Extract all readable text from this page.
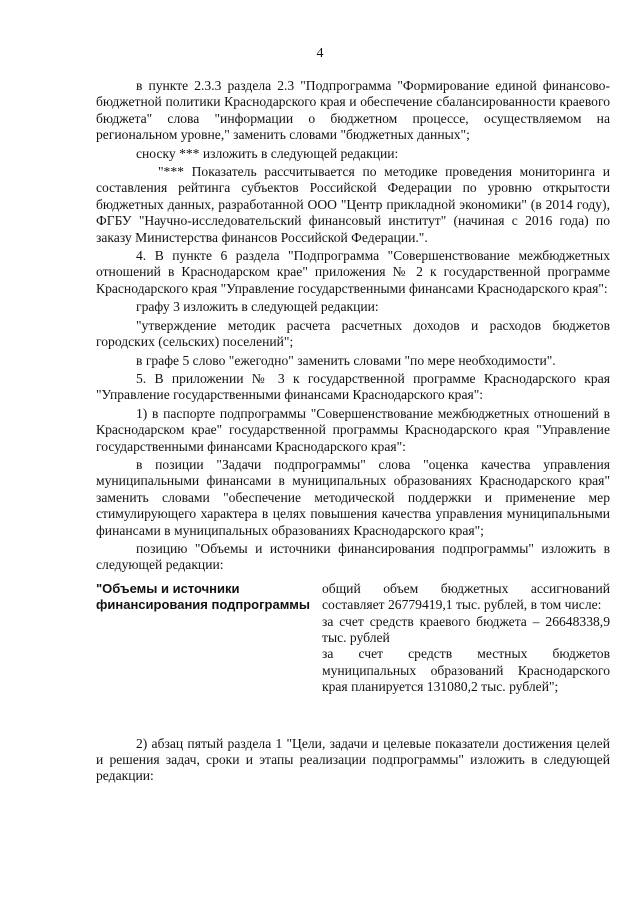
4

в пункте 2.3.3 раздела 2.3 "Подпрограмма "Формирование единой финансово-бюджетной политики Краснодарского края и обеспечение сбалансированности краевого бюджета" слова "информации о бюджетном процессе, осуществляемом на региональном уровне," заменить словами "бюджетных данных";

сноску *** изложить в следующей редакции:

"*** Показатель рассчитывается по методике проведения мониторинга и составления рейтинга субъектов Российской Федерации по уровню открытости бюджетных данных, разработанной ООО "Центр прикладной экономики" (в 2014 году), ФГБУ "Научно-исследовательский финансовый институт" (начиная с 2016 года) по заказу Министерства финансов Российской Федерации.".

4. В пункте 6 раздела "Подпрограмма "Совершенствование межбюджетных отношений в Краснодарском крае" приложения № 2 к государственной программе Краснодарского края "Управление государственными финансами Краснодарского края":

графу 3 изложить в следующей редакции:

"утверждение методик расчета расчетных доходов и расходов бюджетов городских (сельских) поселений";

в графе 5 слово "ежегодно" заменить словами "по мере необходимости".

5. В приложении № 3 к государственной программе Краснодарского края "Управление государственными финансами Краснодарского края":

1) в паспорте подпрограммы "Совершенствование межбюджетных отношений в Краснодарском крае" государственной программы Краснодарского края "Управление государственными финансами Краснодарского края":

в позиции "Задачи подпрограммы" слова "оценка качества управления муниципальными финансами в муниципальных образованиях Краснодарского края" заменить словами "обеспечение методической поддержки и применение мер стимулирующего характера в целях повышения качества управления муниципальными финансами в муниципальных образованиях Краснодарского края";

позицию "Объемы и источники финансирования подпрограммы" изложить в следующей редакции:

"Объемы и источники
финансирования подпрограммы
общий объем бюджетных ассигнований составляет 26779419,1 тыс. рублей, в том числе:
за счет средств краевого бюджета – 26648338,9 тыс. рублей
за счет средств местных бюджетов муниципальных образований Краснодарского края планируется 131080,2 тыс. рублей";

2) абзац пятый раздела 1 "Цели, задачи и целевые показатели достижения целей и решения задач, сроки и этапы реализации подпрограммы" изложить в следующей редакции:
